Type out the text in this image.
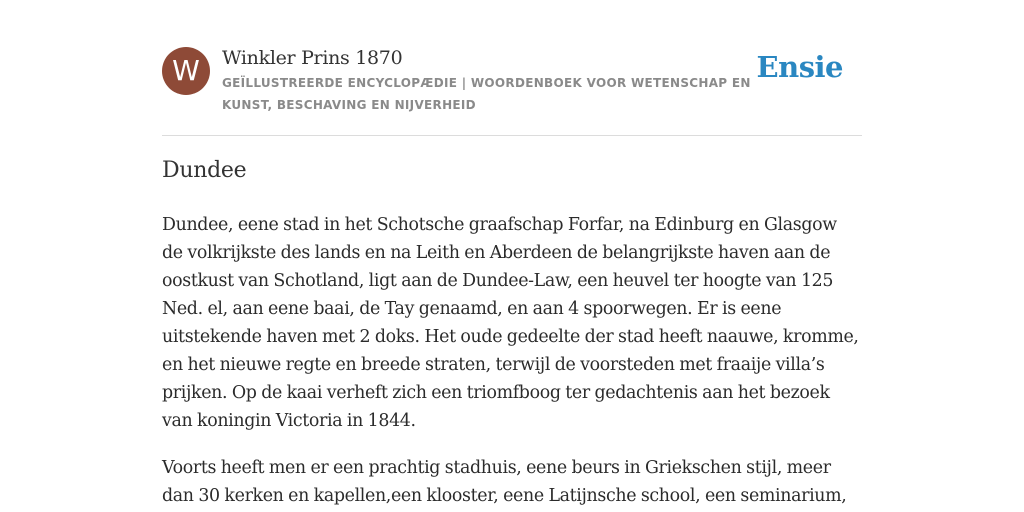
W	Winkler Prins 1870
GEÏLLUSTREERDE ENCYCLOPÆDIE | WOORDENBOEK VOOR WETENSCHAP EN KUNST, BESCHAVING EN NIJVERHEID
Ensie
Dundee

Dundee, eene stad in het Schotsche graafschap Forfar, na Edinburg en Glasgow de volkrijkste des lands en na Leith en Aberdeen de belangrijkste haven aan de oostkust van Schotland, ligt aan de Dundee-Law, een heuvel ter hoogte van 125 Ned. el, aan eene baai, de Tay genaamd, en aan 4 spoorwegen. Er is eene uitstekende haven met 2 doks. Het oude gedeelte der stad heeft naauwe, kromme, en het nieuwe regte en breede straten, terwijl de voorsteden met fraaije villa’s prijken. Op de kaai verheft zich een triomfboog ter gedachtenis aan het bezoek van koningin Victoria in 1844.

Voorts heeft men er een prachtig stadhuis, eene beurs in Griekschen stijl, meer dan 30 kerken en kapellen,een klooster, eene Latijnsche school, een seminarium,
